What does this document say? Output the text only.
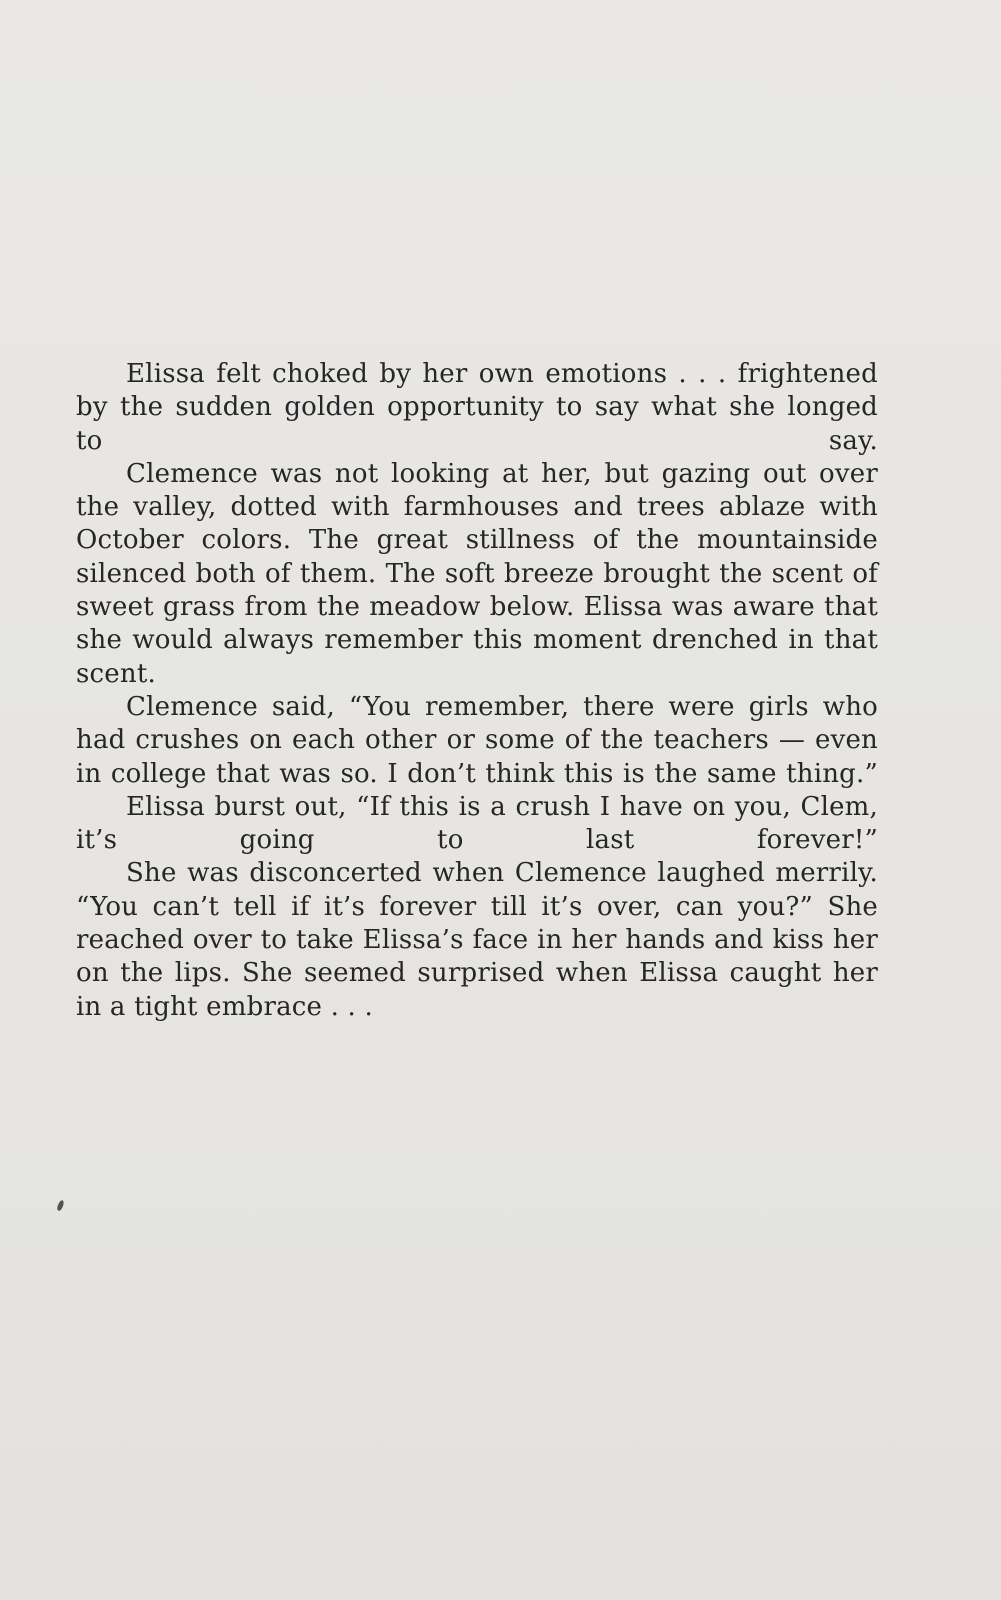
Elissa felt choked by her own emotions . . . frightened by the sudden golden opportunity to say what she longed to say.

Clemence was not looking at her, but gazing out over the valley, dotted with farmhouses and trees ablaze with October colors. The great stillness of the mountainside silenced both of them. The soft breeze brought the scent of sweet grass from the meadow below. Elissa was aware that she would always remember this moment drenched in that scent.

Clemence said, “You remember, there were girls who had crushes on each other or some of the teachers — even in college that was so. I don’t think this is the same thing.”

Elissa burst out, “If this is a crush I have on you, Clem, it’s going to last forever!”

She was disconcerted when Clemence laughed merrily. “You can’t tell if it’s forever till it’s over, can you?” She reached over to take Elissa’s face in her hands and kiss her on the lips. She seemed surprised when Elissa caught her in a tight embrace . . .
